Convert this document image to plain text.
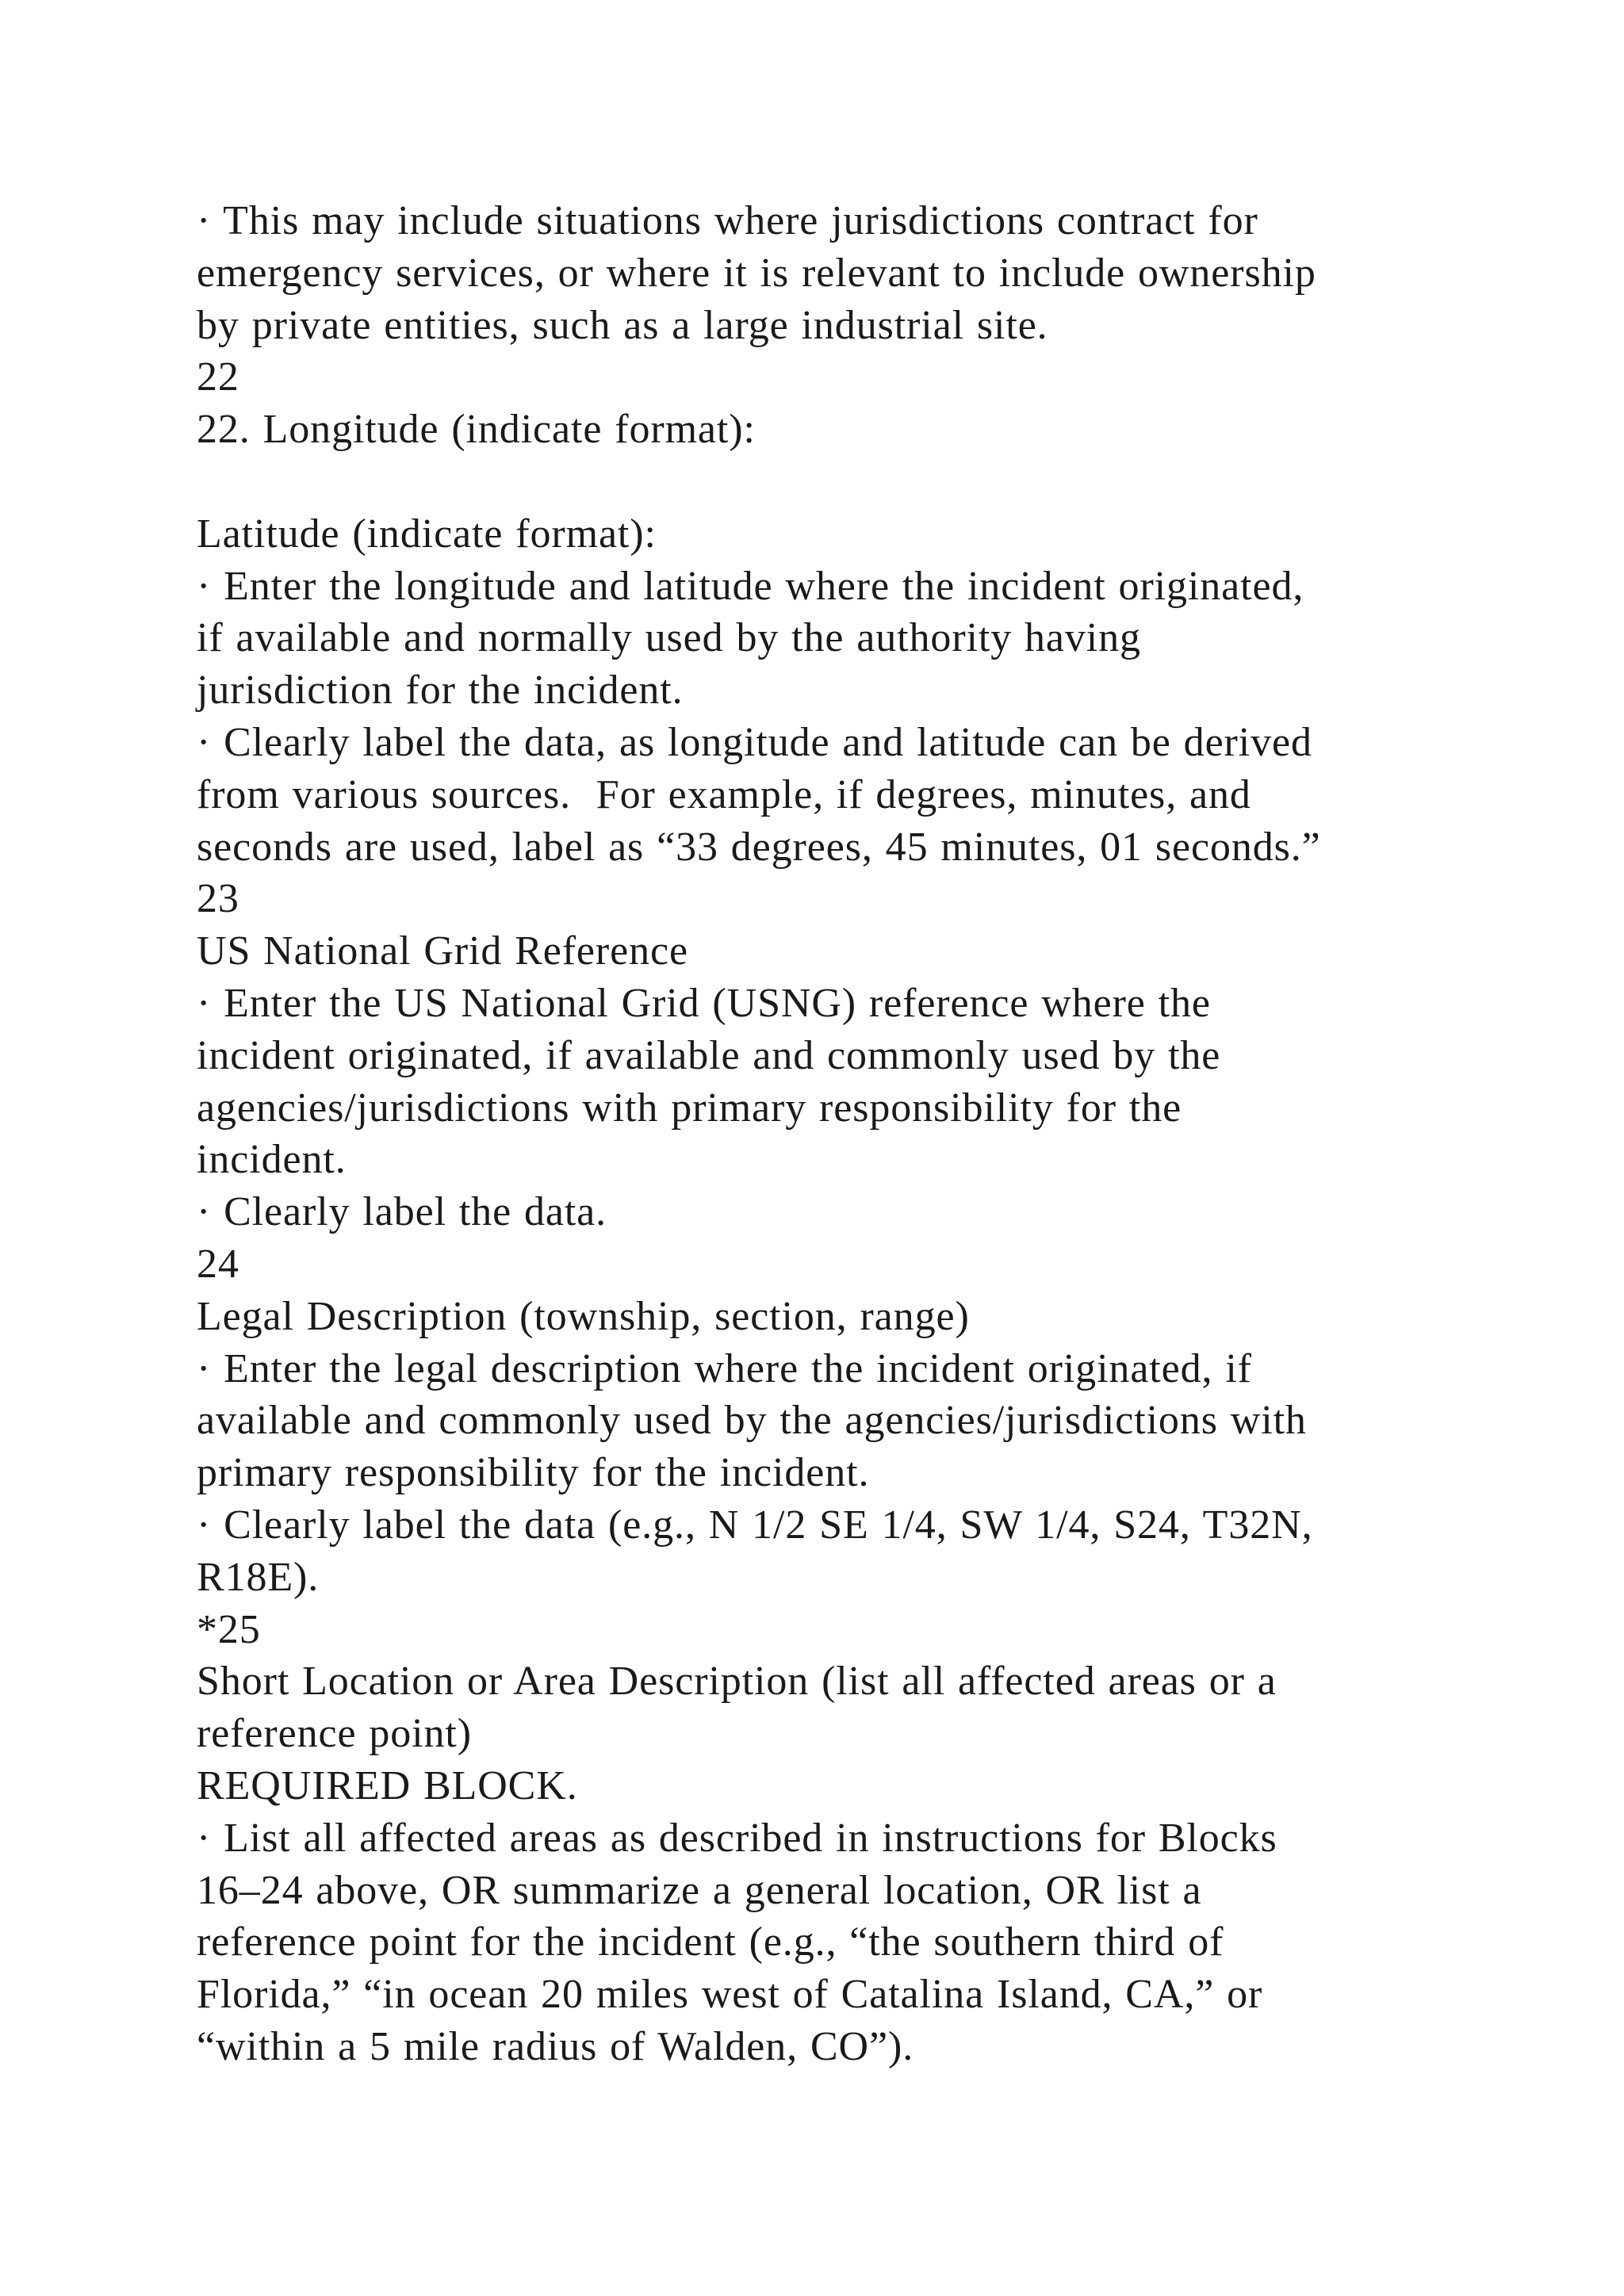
· This may include situations where jurisdictions contract for
emergency services, or where it is relevant to include ownership
by private entities, such as a large industrial site.
22
22. Longitude (indicate format):
Latitude (indicate format):
· Enter the longitude and latitude where the incident originated,
if available and normally used by the authority having
jurisdiction for the incident.
· Clearly label the data, as longitude and latitude can be derived
from various sources.  For example, if degrees, minutes, and
seconds are used, label as “33 degrees, 45 minutes, 01 seconds.”
23
US National Grid Reference
· Enter the US National Grid (USNG) reference where the
incident originated, if available and commonly used by the
agencies/jurisdictions with primary responsibility for the
incident.
· Clearly label the data.
24
Legal Description (township, section, range)
· Enter the legal description where the incident originated, if
available and commonly used by the agencies/jurisdictions with
primary responsibility for the incident.
· Clearly label the data (e.g., N 1/2 SE 1/4, SW 1/4, S24, T32N,
R18E).
*25
Short Location or Area Description (list all affected areas or a
reference point)
REQUIRED BLOCK.
· List all affected areas as described in instructions for Blocks
16–24 above, OR summarize a general location, OR list a
reference point for the incident (e.g., “the southern third of
Florida,” “in ocean 20 miles west of Catalina Island, CA,” or
“within a 5 mile radius of Walden, CO”).
